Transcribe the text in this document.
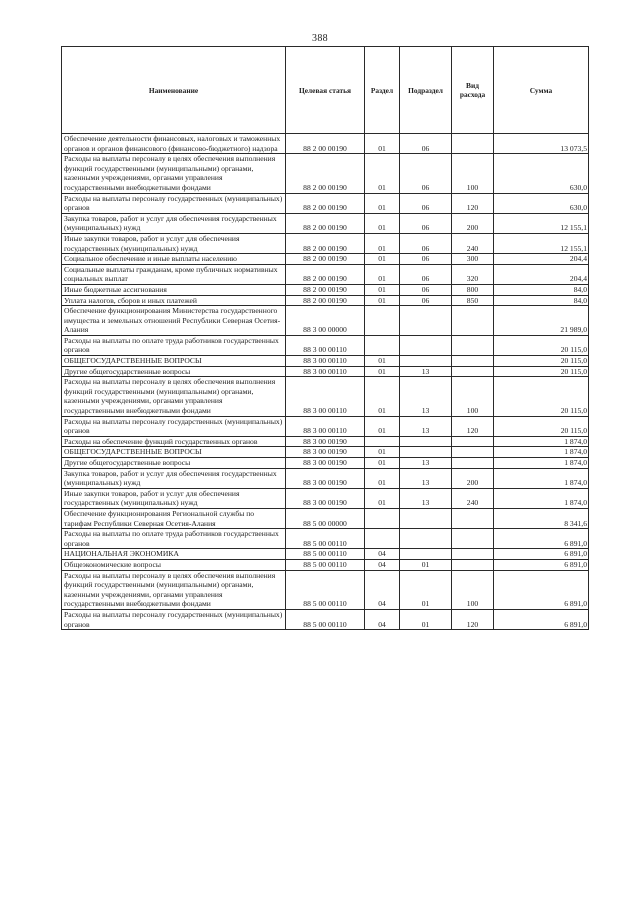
388
Наименование	Целевая статья	Раздел	Подраздел	Вид расхода	Сумма
Обеспечение деятельности финансовых, налоговых и таможенных органов и органов финансового (финансово-бюджетного) надзора	88 2 00 00190	01	06		13 073,5
Расходы на выплаты персоналу в целях обеспечения выполнения функций государственными (муниципальными) органами, казенными учреждениями, органами управления государственными внебюджетными фондами	88 2 00 00190	01	06	100	630,0
Расходы на выплаты персоналу государственных (муниципальных) органов	88 2 00 00190	01	06	120	630,0
Закупка товаров, работ и услуг для обеспечения государственных (муниципальных) нужд	88 2 00 00190	01	06	200	12 155,1
Иные закупки товаров, работ и услуг для обеспечения государственных (муниципальных) нужд	88 2 00 00190	01	06	240	12 155,1
Социальное обеспечение и иные выплаты населению	88 2 00 00190	01	06	300	204,4
Социальные выплаты гражданам, кроме публичных нормативных социальных выплат	88 2 00 00190	01	06	320	204,4
Иные бюджетные ассигнования	88 2 00 00190	01	06	800	84,0
Уплата налогов, сборов и иных платежей	88 2 00 00190	01	06	850	84,0
Обеспечение функционирования Министерства государственного имущества и земельных отношений Республики Северная Осетия-Алания	88 3 00 00000				21 989,0
Расходы на выплаты по оплате труда работников государственных органов	88 3 00 00110				20 115,0
ОБЩЕГОСУДАРСТВЕННЫЕ ВОПРОСЫ	88 3 00 00110	01			20 115,0
Другие общегосударственные вопросы	88 3 00 00110	01	13		20 115,0
Расходы на выплаты персоналу в целях обеспечения выполнения функций государственными (муниципальными) органами, казенными учреждениями, органами управления государственными внебюджетными фондами	88 3 00 00110	01	13	100	20 115,0
Расходы на выплаты персоналу государственных (муниципальных) органов	88 3 00 00110	01	13	120	20 115,0
Расходы на обеспечение функций государственных органов	88 3 00 00190				1 874,0
ОБЩЕГОСУДАРСТВЕННЫЕ ВОПРОСЫ	88 3 00 00190	01			1 874,0
Другие общегосударственные вопросы	88 3 00 00190	01	13		1 874,0
Закупка товаров, работ и услуг для обеспечения государственных (муниципальных) нужд	88 3 00 00190	01	13	200	1 874,0
Иные закупки товаров, работ и услуг для обеспечения государственных (муниципальных) нужд	88 3 00 00190	01	13	240	1 874,0
Обеспечение функционирования Региональной службы по тарифам Республики Северная Осетия-Алания	88 5 00 00000				8 341,6
Расходы на выплаты по оплате труда работников государственных органов	88 5 00 00110				6 891,0
НАЦИОНАЛЬНАЯ ЭКОНОМИКА	88 5 00 00110	04			6 891,0
Общеэкономические вопросы	88 5 00 00110	04	01		6 891,0
Расходы на выплаты персоналу в целях обеспечения выполнения функций государственными (муниципальными) органами, казенными учреждениями, органами управления государственными внебюджетными фондами	88 5 00 00110	04	01	100	6 891,0
Расходы на выплаты персоналу государственных (муниципальных) органов	88 5 00 00110	04	01	120	6 891,0
